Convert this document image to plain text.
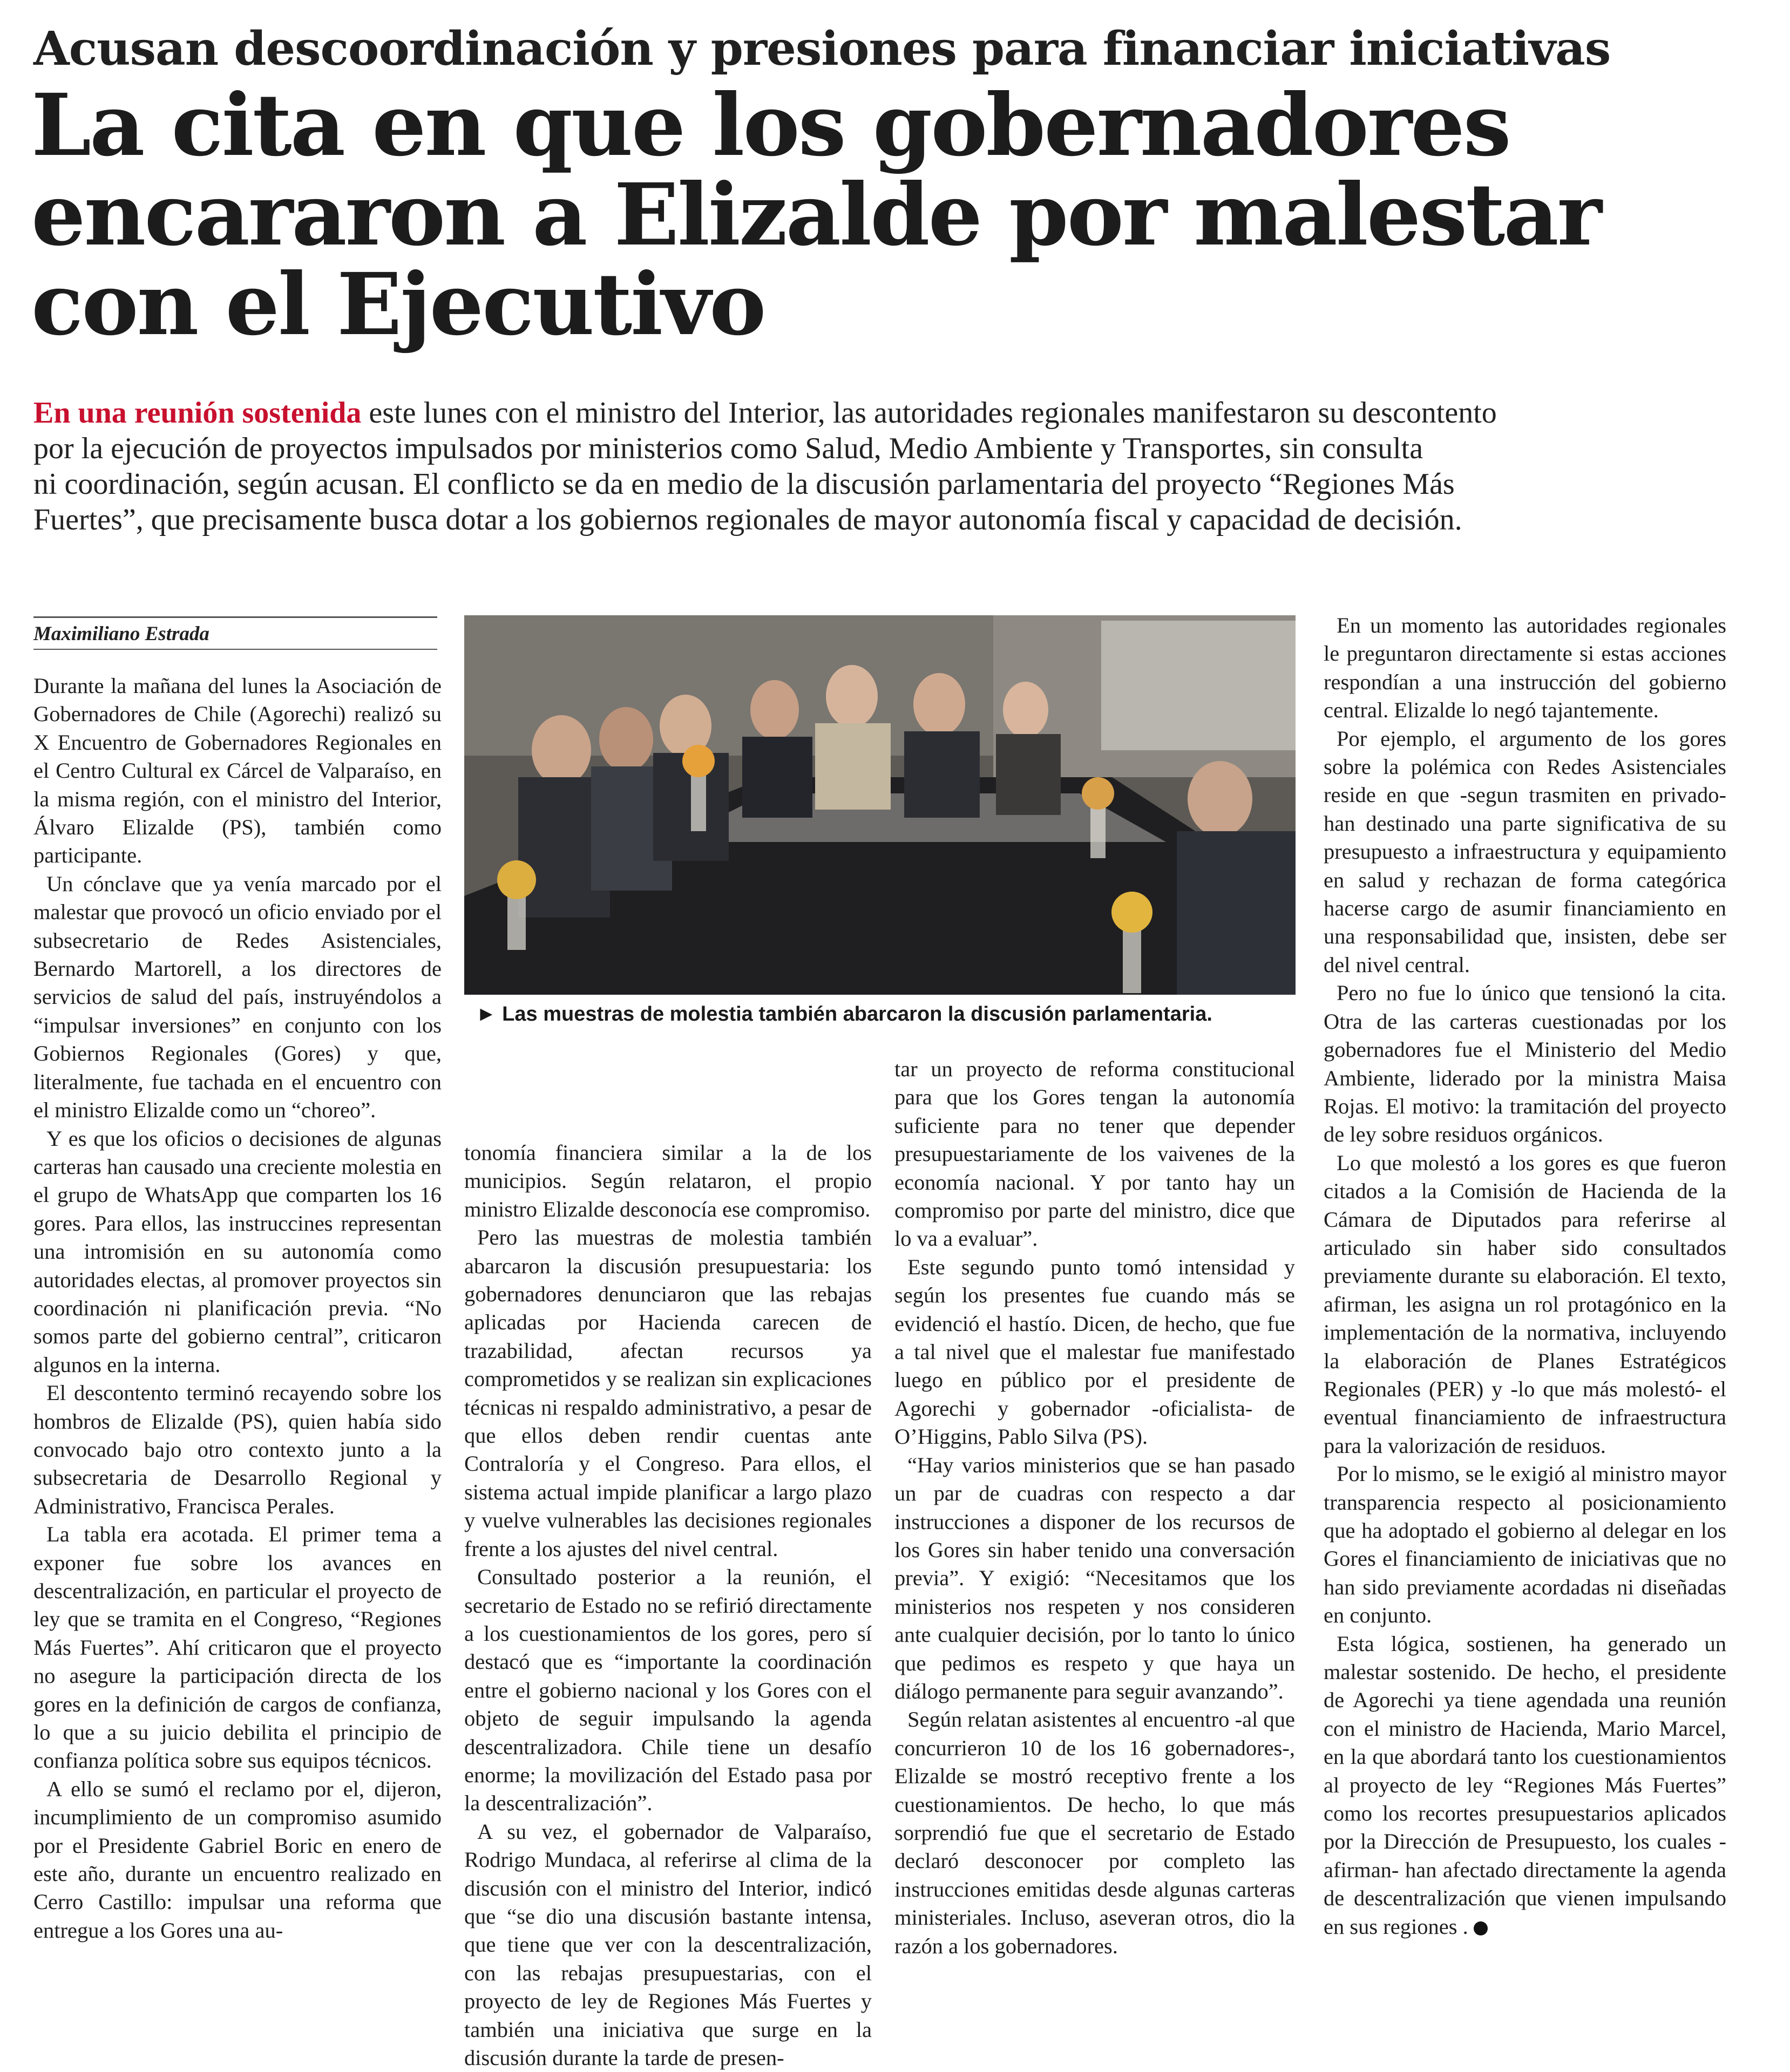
Acusan descoordinación y presiones para financiar iniciativas
La cita en que los gobernadores
encararon a Elizalde por malestar
con el Ejecutivo
En una reunión sostenida este lunes con el ministro del Interior, las autoridades regionales manifestaron su descontento
por la ejecución de proyectos impulsados por ministerios como Salud, Medio Ambiente y Transportes, sin consulta
ni coordinación, según acusan. El conflicto se da en medio de la discusión parlamentaria del proyecto “Regiones Más
Fuertes”, que precisamente busca dotar a los gobiernos regionales de mayor autonomía fiscal y capacidad de decisión.
Maximiliano Estrada

Durante la mañana del lunes la Asociación de Gobernadores de Chile (Agorechi) realizó su X Encuentro de Gobernadores Regionales en el Centro Cultural ex Cárcel de Valparaíso, en la misma región, con el ministro del Interior, Álvaro Elizalde (PS), también como participante.

Un cónclave que ya venía marcado por el malestar que provocó un oficio enviado por el subsecretario de Redes Asistenciales, Bernardo Martorell, a los directores de servicios de salud del país, instruyéndolos a “impulsar inversiones” en conjunto con los Gobiernos Regionales (Gores) y que, literalmente, fue tachada en el encuentro con el ministro Elizalde como un “choreo”.

Y es que los oficios o decisiones de algunas carteras han causado una creciente molestia en el grupo de WhatsApp que comparten los 16 gores. Para ellos, las instruccines representan una intromisión en su autonomía como autoridades electas, al promover proyectos sin coordinación ni planificación previa. “No somos parte del gobierno central”, criticaron algunos en la interna.

El descontento terminó recayendo sobre los hombros de Elizalde (PS), quien había sido convocado bajo otro contexto junto a la subsecretaria de Desarrollo Regional y Administrativo, Francisca Perales.

La tabla era acotada. El primer tema a exponer fue sobre los avances en descentralización, en particular el proyecto de ley que se tramita en el Congreso, “Regiones Más Fuertes”. Ahí criticaron que el proyecto no asegure la participación directa de los gores en la definición de cargos de confianza, lo que a su juicio debilita el principio de confianza política sobre sus equipos técnicos.

A ello se sumó el reclamo por el, dijeron, incumplimiento de un compromiso asumido por el Presidente Gabriel Boric en enero de este año, durante un encuentro realizado en Cerro Castillo: impulsar una reforma que entregue a los Gores una au-

► Las muestras de molestia también abarcaron la discusión parlamentaria.

tonomía financiera similar a la de los municipios. Según relataron, el propio ministro Elizalde desconocía ese compromiso.

Pero las muestras de molestia también abarcaron la discusión presupuestaria: los gobernadores denunciaron que las rebajas aplicadas por Hacienda carecen de trazabilidad, afectan recursos ya comprometidos y se realizan sin explicaciones técnicas ni respaldo administrativo, a pesar de que ellos deben rendir cuentas ante Contraloría y el Congreso. Para ellos, el sistema actual impide planificar a largo plazo y vuelve vulnerables las decisiones regionales frente a los ajustes del nivel central.

Consultado posterior a la reunión, el secretario de Estado no se refirió directamente a los cuestionamientos de los gores, pero sí destacó que es “importante la coordinación entre el gobierno nacional y los Gores con el objeto de seguir impulsando la agenda descentralizadora. Chile tiene un desafío enorme; la movilización del Estado pasa por la descentralización”.

A su vez, el gobernador de Valparaíso, Rodrigo Mundaca, al referirse al clima de la discusión con el ministro del Interior, indicó que “se dio una discusión bastante intensa, que tiene que ver con la descentralización, con las rebajas presupuestarias, con el proyecto de ley de Regiones Más Fuertes y también una iniciativa que surge en la discusión durante la tarde de presen-

tar un proyecto de reforma constitucional para que los Gores tengan la autonomía suficiente para no tener que depender presupuestariamente de los vaivenes de la economía nacional. Y por tanto hay un compromiso por parte del ministro, dice que lo va a evaluar”.

Este segundo punto tomó intensidad y según los presentes fue cuando más se evidenció el hastío. Dicen, de hecho, que fue a tal nivel que el malestar fue manifestado luego en público por el presidente de Agorechi y gobernador -oficialista- de O’Higgins, Pablo Silva (PS).

“Hay varios ministerios que se han pasado un par de cuadras con respecto a dar instrucciones a disponer de los recursos de los Gores sin haber tenido una conversación previa”. Y exigió: “Necesitamos que los ministerios nos respeten y nos consideren ante cualquier decisión, por lo tanto lo único que pedimos es respeto y que haya un diálogo permanente para seguir avanzando”.

Según relatan asistentes al encuentro -al que concurrieron 10 de los 16 gobernadores-, Elizalde se mostró receptivo frente a los cuestionamientos. De hecho, lo que más sorprendió fue que el secretario de Estado declaró desconocer por completo las instrucciones emitidas desde algunas carteras ministeriales. Incluso, aseveran otros, dio la razón a los gobernadores.

En un momento las autoridades regionales le preguntaron directamente si estas acciones respondían a una instrucción del gobierno central. Elizalde lo negó tajantemente.

Por ejemplo, el argumento de los gores sobre la polémica con Redes Asistenciales reside en que -segun trasmiten en privado- han destinado una parte significativa de su presupuesto a infraestructura y equipamiento en salud y rechazan de forma categórica hacerse cargo de asumir financiamiento en una responsabilidad que, insisten, debe ser del nivel central.

Pero no fue lo único que tensionó la cita. Otra de las carteras cuestionadas por los gobernadores fue el Ministerio del Medio Ambiente, liderado por la ministra Maisa Rojas. El motivo: la tramitación del proyecto de ley sobre residuos orgánicos.

Lo que molestó a los gores es que fueron citados a la Comisión de Hacienda de la Cámara de Diputados para referirse al articulado sin haber sido consultados previamente durante su elaboración. El texto, afirman, les asigna un rol protagónico en la implementación de la normativa, incluyendo la elaboración de Planes Estratégicos Regionales (PER) y -lo que más molestó- el eventual financiamiento de infraestructura para la valorización de residuos.

Por lo mismo, se le exigió al ministro mayor transparencia respecto al posicionamiento que ha adoptado el gobierno al delegar en los Gores el financiamiento de iniciativas que no han sido previamente acordadas ni diseñadas en conjunto.

Esta lógica, sostienen, ha generado un malestar sostenido. De hecho, el presidente de Agorechi ya tiene agendada una reunión con el ministro de Hacienda, Mario Marcel, en la que abordará tanto los cuestionamientos al proyecto de ley “Regiones Más Fuertes” como los recortes presupuestarios aplicados por la Dirección de Presupuesto, los cuales -afirman- han afectado directamente la agenda de descentralización que vienen impulsando en sus regiones .
